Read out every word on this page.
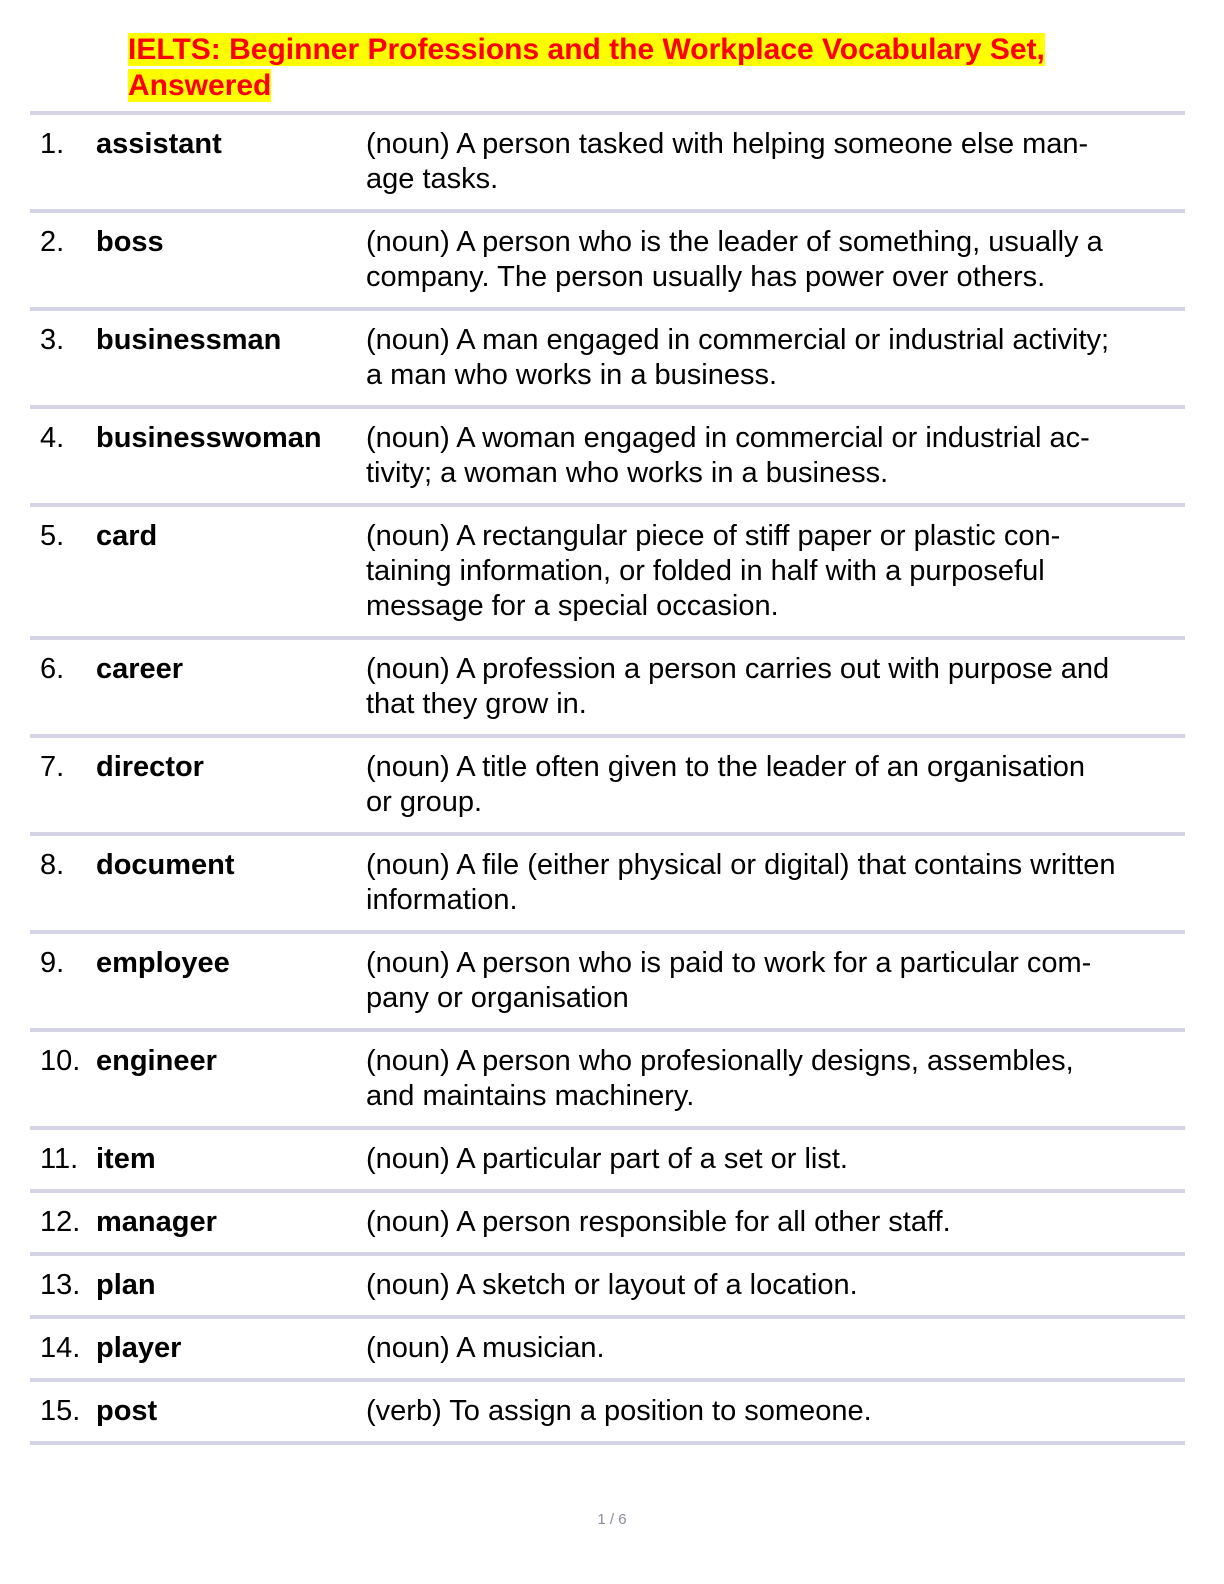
IELTS: Beginner Professions and the Workplace Vocabulary Set,
Answered
1. assistant	(noun) A person tasked with helping someone else man-
age tasks.
2. boss	(noun) A person who is the leader of something, usually a
company. The person usually has power over others.
3. businessman	(noun) A man engaged in commercial or industrial activity;
a man who works in a business.
4. businesswoman (noun) A woman engaged in commercial or industrial ac-
tivity; a woman who works in a business.
5. card	(noun) A rectangular piece of stiff paper or plastic con-
taining information, or folded in half with a purposeful
message for a special occasion.
6. career	(noun) A profession a person carries out with purpose and
that they grow in.
7. director	(noun) A title often given to the leader of an organisation
or group.
8. document	(noun) A file (either physical or digital) that contains written
information.
9. employee	(noun) A person who is paid to work for a particular com-
pany or organisation
10. engineer	(noun) A person who profesionally designs, assembles,
and maintains machinery.
11. item	(noun) A particular part of a set or list.
12. manager	(noun) A person responsible for all other staff.
13. plan	(noun) A sketch or layout of a location.
14. player	(noun) A musician.
15. post	(verb) To assign a position to someone.
1 / 6
